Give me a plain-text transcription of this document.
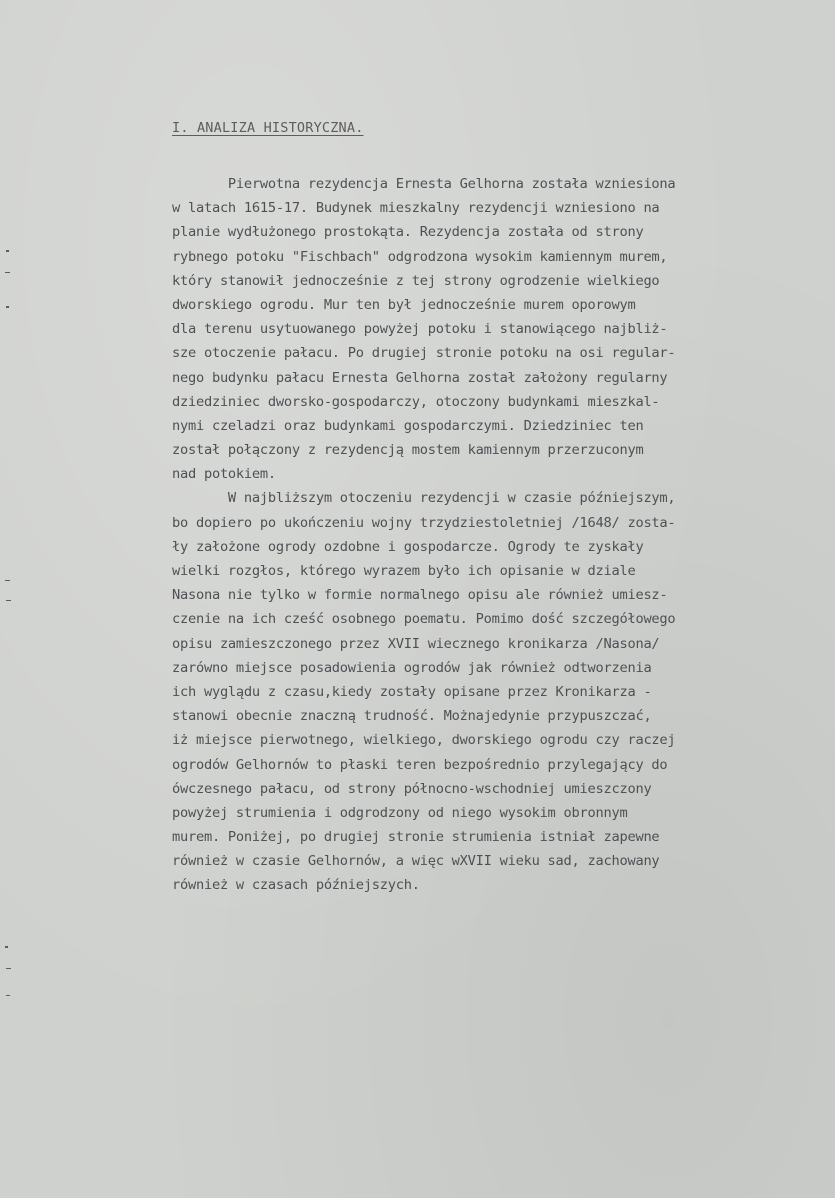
I. ANALIZA HISTORYCZNA.
Pierwotna rezydencja Ernesta Gelhorna została wzniesiona
w latach 1615-17. Budynek mieszkalny rezydencji wzniesiono na
planie wydłużonego prostokąta. Rezydencja została od strony
rybnego potoku "Fischbach" odgrodzona wysokim kamiennym murem,
który stanowił jednocześnie z tej strony ogrodzenie wielkiego
dworskiego ogrodu. Mur ten był jednocześnie murem oporowym
dla terenu usytuowanego powyżej potoku i stanowiącego najbliż-
sze otoczenie pałacu. Po drugiej stronie potoku na osi regular-
nego budynku pałacu Ernesta Gelhorna został założony regularny
dziedziniec dworsko-gospodarczy, otoczony budynkami mieszkal-
nymi czeladzi oraz budynkami gospodarczymi. Dziedziniec ten
został połączony z rezydencją mostem kamiennym przerzuconym
nad potokiem.
W najbliższym otoczeniu rezydencji w czasie późniejszym,
bo dopiero po ukończeniu wojny trzydziestoletniej /1648/ zosta-
ły założone ogrody ozdobne i gospodarcze. Ogrody te zyskały
wielki rozgłos, którego wyrazem było ich opisanie w dziale
Nasona nie tylko w formie normalnego opisu ale również umiesz-
czenie na ich cześć osobnego poematu. Pomimo dość szczegółowego
opisu zamieszczonego przez XVII wiecznego kronikarza /Nasona/
zarówno miejsce posadowienia ogrodów jak również odtworzenia
ich wyglądu z czasu,kiedy zostały opisane przez Kronikarza -
stanowi obecnie znaczną trudność. Możnajedynie przypuszczać,
iż miejsce pierwotnego, wielkiego, dworskiego ogrodu czy raczej
ogrodów Gelhornów to płaski teren bezpośrednio przylegający do
ówczesnego pałacu, od strony północno-wschodniej umieszczony
powyżej strumienia i odgrodzony od niego wysokim obronnym
murem. Poniżej, po drugiej stronie strumienia istniał zapewne
również w czasie Gelhornów, a więc wXVII wieku sad, zachowany
również w czasach późniejszych.
